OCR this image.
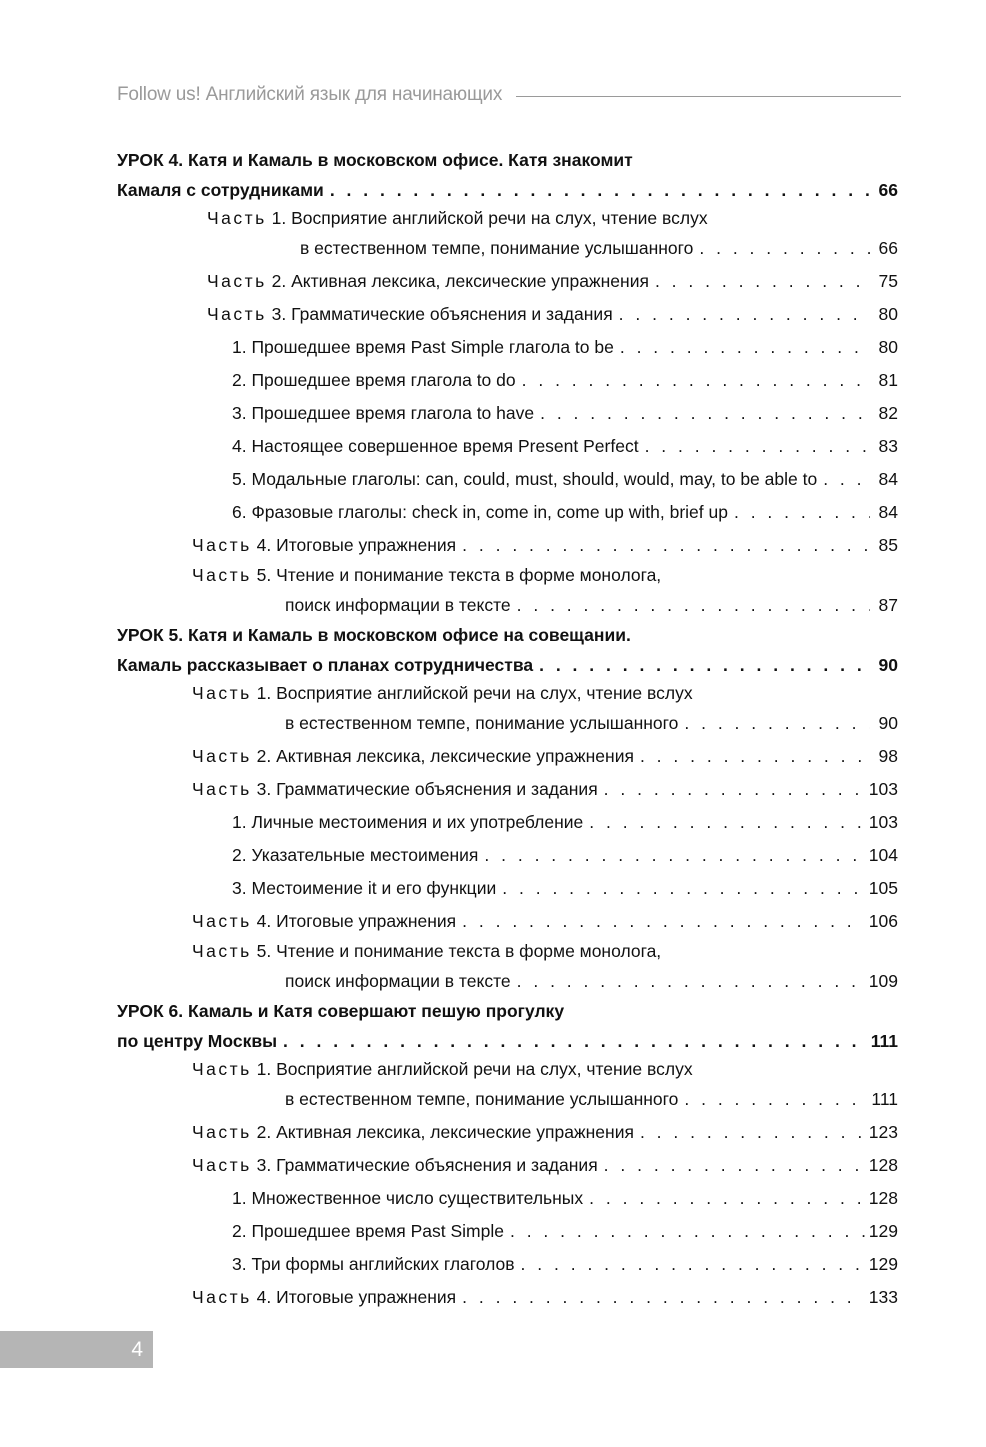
Follow us! Английский язык для начинающих
УРОК 4. Катя и Камаль в московском офисе. Катя знакомит
Камаля с сотрудниками . . .	66
Часть 1. Восприятие английской речи на слух, чтение вслух
в естественном темпе, понимание услышанного . . .	66
Часть 2. Активная лексика, лексические упражнения . . .	75
Часть 3. Грамматические объяснения и задания . . .	80
1. Прошедшее время Past Simple глагола to be . . .	80
2. Прошедшее время глагола to do . . .	81
3. Прошедшее время глагола to have . . .	82
4. Настоящее совершенное время Present Perfect . . .	83
5. Модальные глаголы: can, could, must, should, would, may, to be able to . . .	84
6. Фразовые глаголы: check in, come in, come up with, brief up . . .	84
Часть 4. Итоговые упражнения . . .	85
Часть 5. Чтение и понимание текста в форме монолога,
поиск информации в тексте . . .	87
УРОК 5. Катя и Камаль в московском офисе на совещании.
Камаль рассказывает о планах сотрудничества . . .	90
Часть 1. Восприятие английской речи на слух, чтение вслух
в естественном темпе, понимание услышанного . . .	90
Часть 2. Активная лексика, лексические упражнения . . .	98
Часть 3. Грамматические объяснения и задания . . .	103
1. Личные местоимения и их употребление . . .	103
2. Указательные местоимения . . .	104
3. Местоимение it и его функции . . .	105
Часть 4. Итоговые упражнения . . .	106
Часть 5. Чтение и понимание текста в форме монолога,
поиск информации в тексте . . .	109
УРОК 6. Камаль и Катя совершают пешую прогулку
по центру Москвы . . .	111
Часть 1. Восприятие английской речи на слух, чтение вслух
в естественном темпе, понимание услышанного . . .	111
Часть 2. Активная лексика, лексические упражнения . . .	123
Часть 3. Грамматические объяснения и задания . . .	128
1. Множественное число существительных . . .	128
2. Прошедшее время Past Simple . . .	129
3. Три формы английских глаголов . . .	129
Часть 4. Итоговые упражнения . . .	133
4
